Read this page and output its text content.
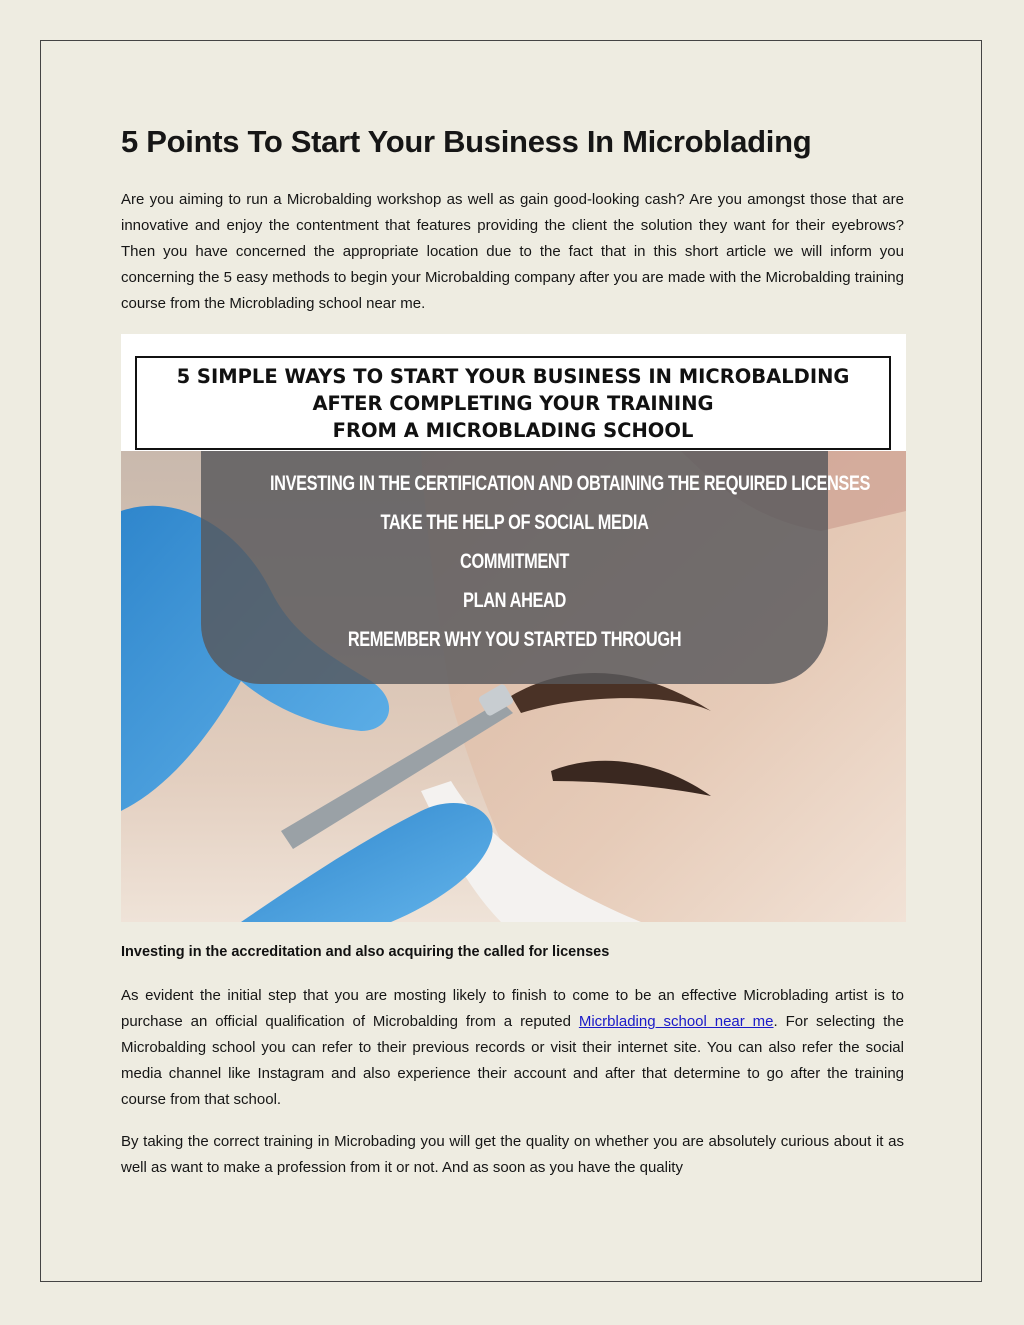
5 Points To Start Your Business In Microblading

Are you aiming to run a Microbalding workshop as well as gain good-looking cash? Are you amongst those that are innovative and enjoy the contentment that features providing the client the solution they want for their eyebrows? Then you have concerned the appropriate location due to the fact that in this short article we will inform you concerning the 5 easy methods to begin your Microbalding company after you are made with the Microbalding training course from the Microblading school near me.

Investing in the accreditation and also acquiring the called for licenses

As evident the initial step that you are mosting likely to finish to come to be an effective Microblading artist is to purchase an official qualification of Microbalding from a reputed Micrblading school near me. For selecting the Microbalding school you can refer to their previous records or visit their internet site. You can also refer the social media channel like Instagram and also experience their account and after that determine to go after the training course from that school.

By taking the correct training in Microbading you will get the quality on whether you are absolutely curious about it as well as want to make a profession from it or not. And as soon as you have the quality

5 SIMPLE WAYS TO START YOUR BUSINESS IN MICROBALDING
AFTER COMPLETING YOUR TRAINING
FROM A MICROBLADING SCHOOL
INVESTING IN THE CERTIFICATION AND OBTAINING THE REQUIRED LICENSES
TAKE THE HELP OF SOCIAL MEDIA
COMMITMENT
PLAN AHEAD
REMEMBER WHY YOU STARTED THROUGH
